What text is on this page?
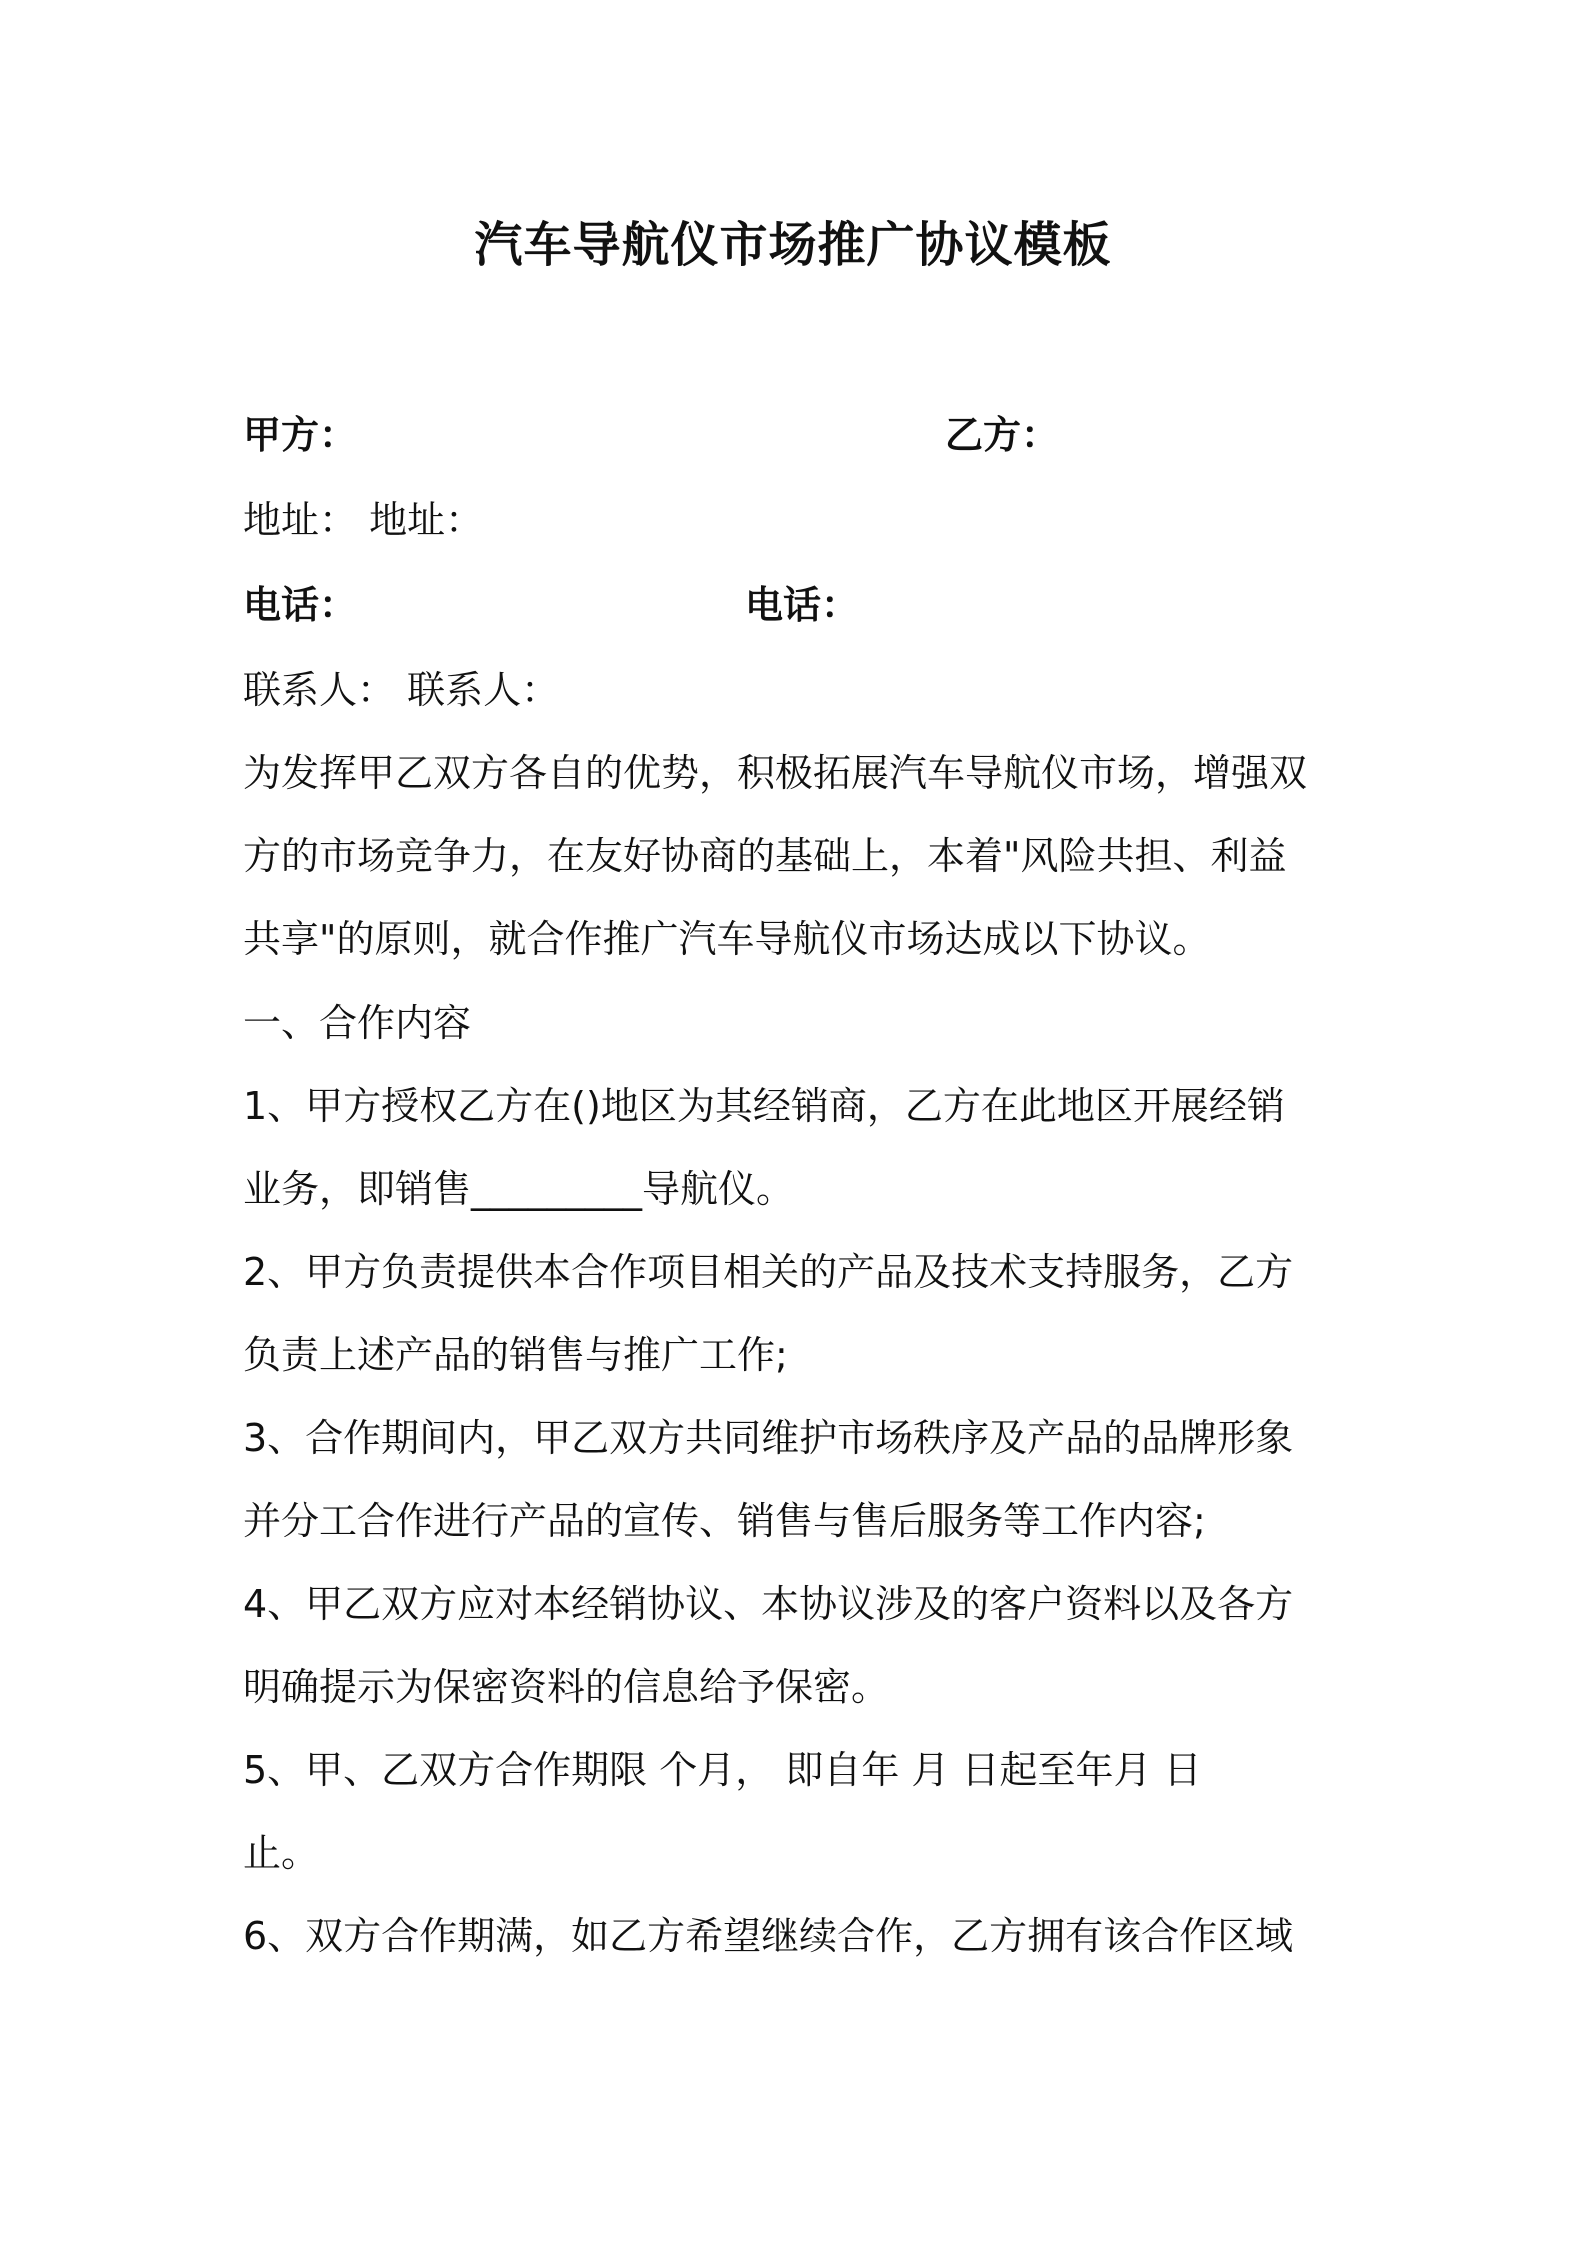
汽车导航仪市场推广协议模板
甲方：	乙方：
地址： 地址：
电话：	电话：
联系人： 联系人：
为发挥甲乙双方各自的优势，积极拓展汽车导航仪市场，增强双
方的市场竞争力，在友好协商的基础上，本着"风险共担、利益
共享"的原则，就合作推广汽车导航仪市场达成以下协议。
一、合作内容
1、甲方授权乙方在()地区为其经销商，乙方在此地区开展经销
业务，即销售_________导航仪。
2、甲方负责提供本合作项目相关的产品及技术支持服务，乙方
负责上述产品的销售与推广工作;
3、合作期间内，甲乙双方共同维护市场秩序及产品的品牌形象
并分工合作进行产品的宣传、销售与售后服务等工作内容;
4、甲乙双方应对本经销协议、本协议涉及的客户资料以及各方
明确提示为保密资料的信息给予保密。
5、甲、乙双方合作期限 个月， 即自年 月 日起至年月 日
止。
6、双方合作期满，如乙方希望继续合作，乙方拥有该合作区域
